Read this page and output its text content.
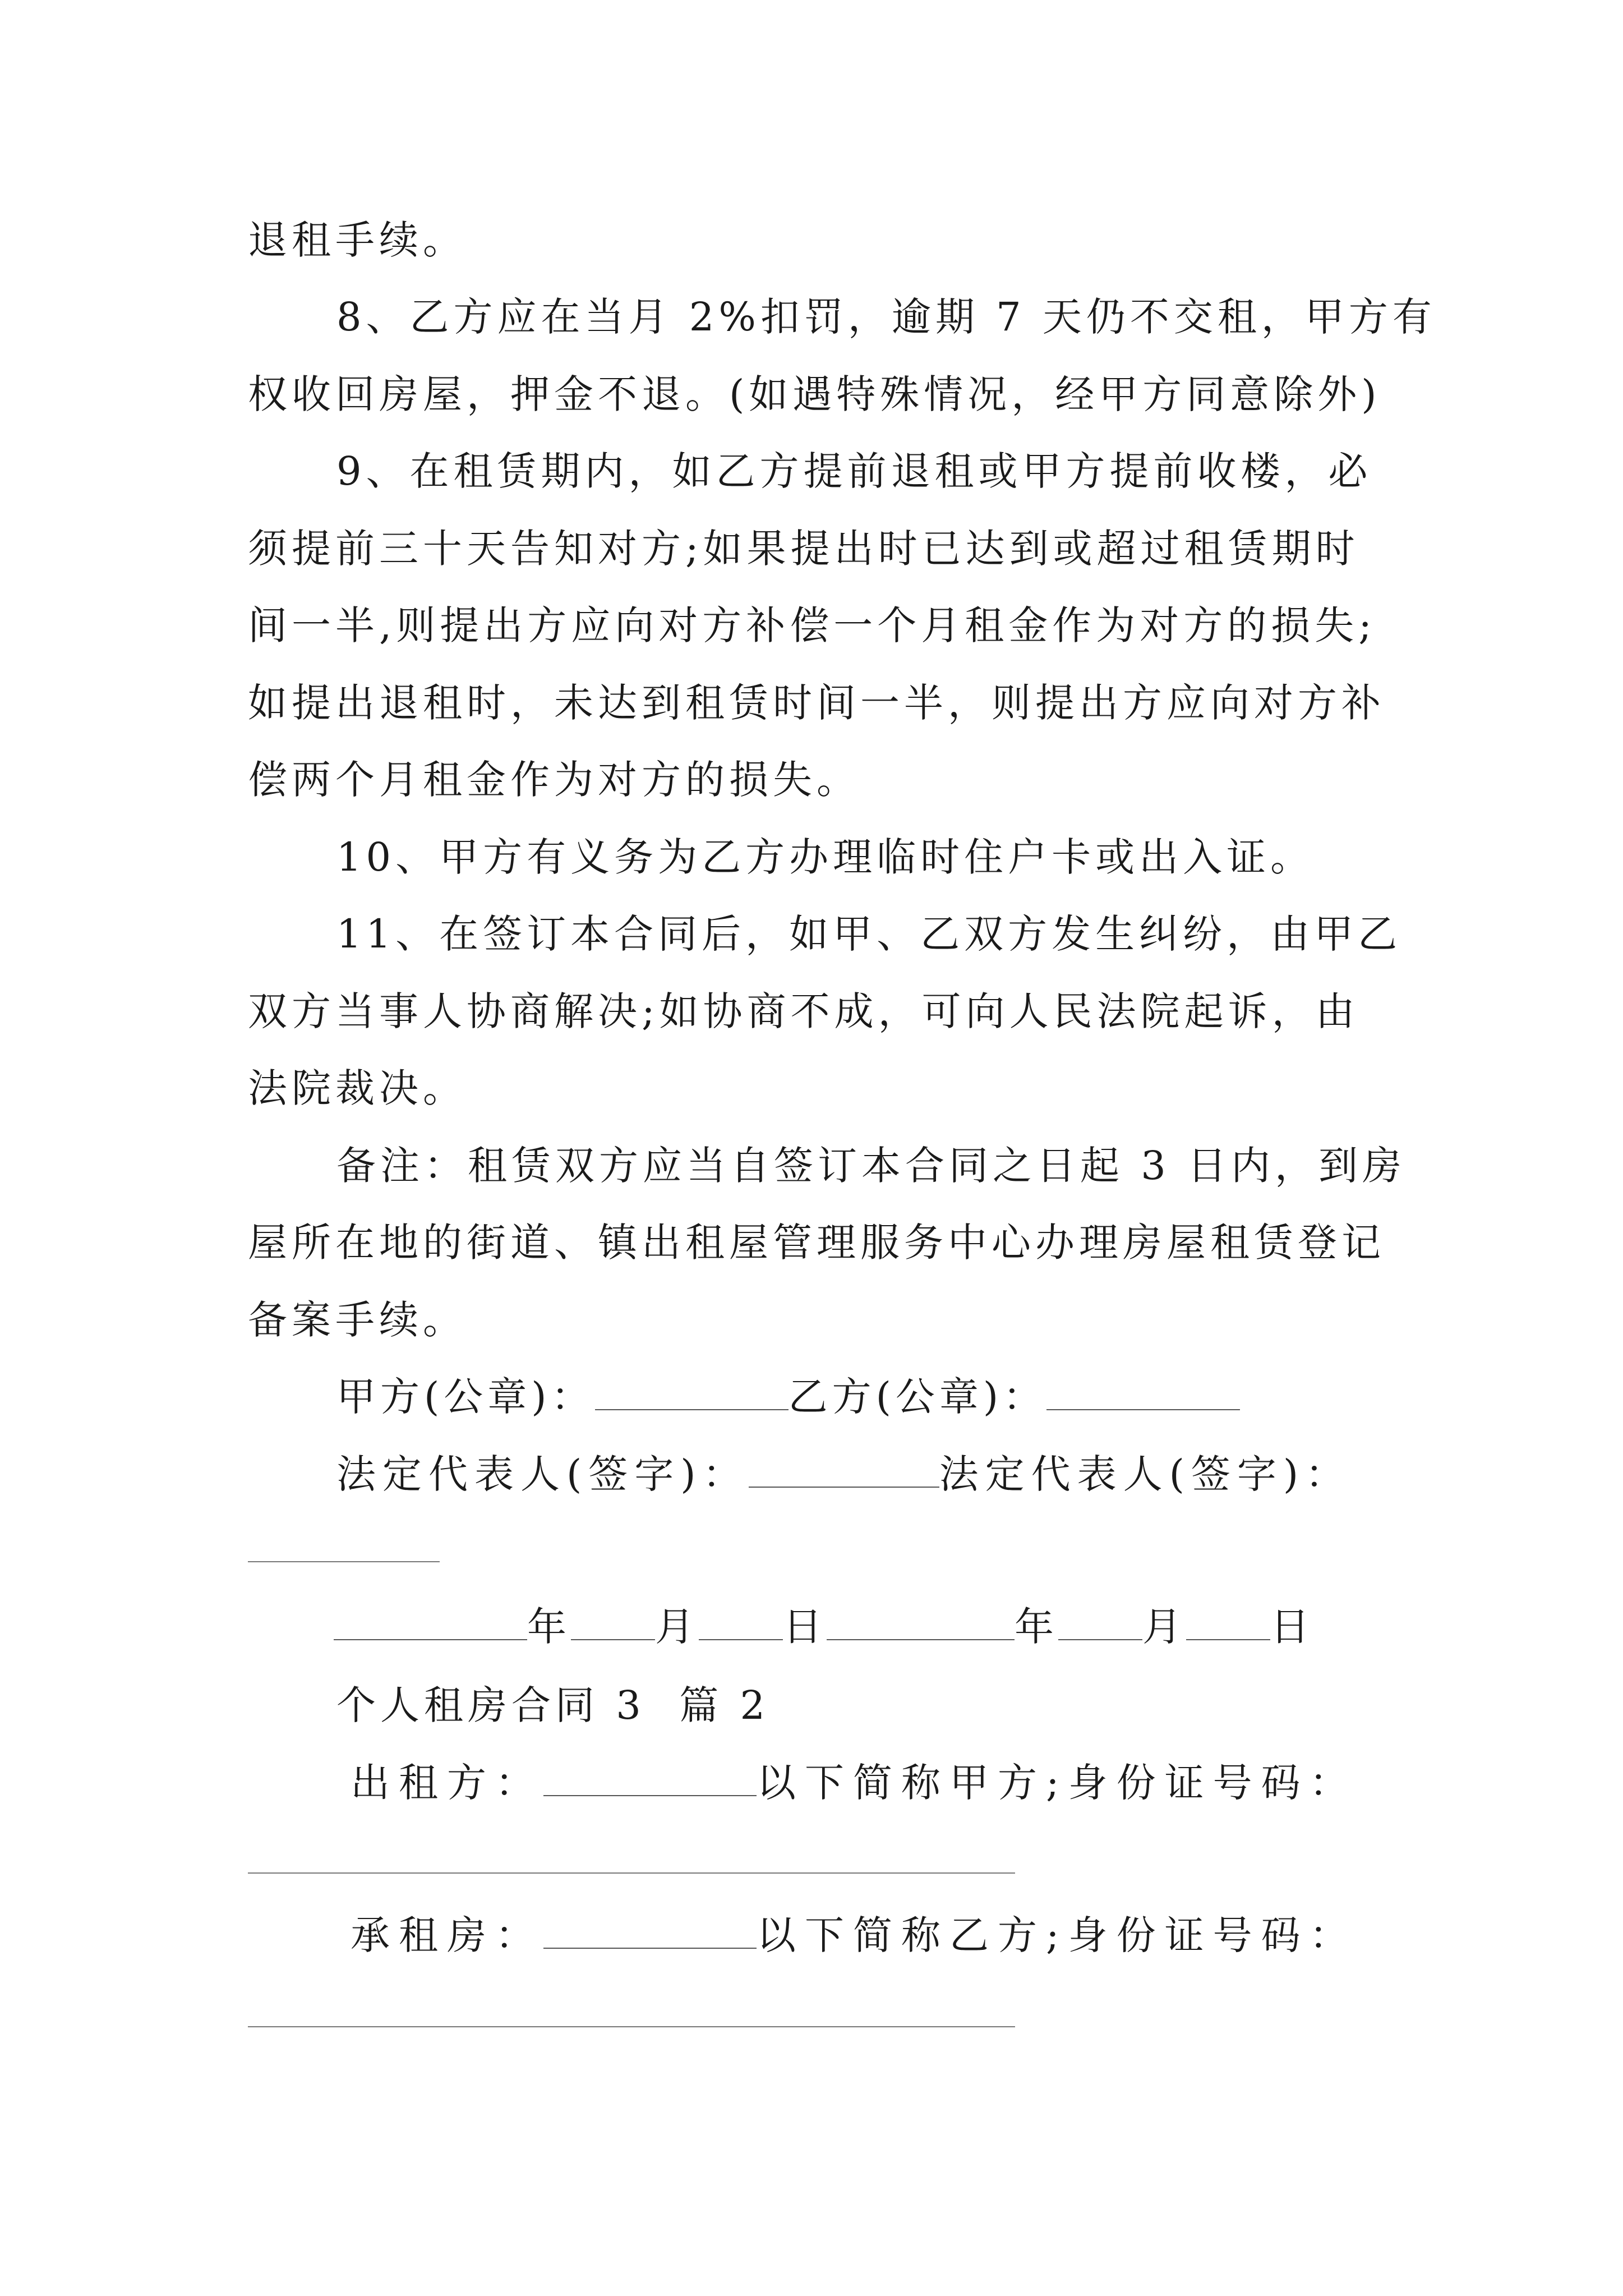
退租手续。
8、乙方应在当月 2%扣罚，逾期 7 天仍不交租，甲方有
权收回房屋，押金不退。(如遇特殊情况，经甲方同意除外)
9、在租赁期内，如乙方提前退租或甲方提前收楼，必
须提前三十天告知对方;如果提出时已达到或超过租赁期时
间一半,则提出方应向对方补偿一个月租金作为对方的损失;
如提出退租时，未达到租赁时间一半，则提出方应向对方补
偿两个月租金作为对方的损失。
10、甲方有义务为乙方办理临时住户卡或出入证。
11、在签订本合同后，如甲、乙双方发生纠纷，由甲乙
双方当事人协商解决;如协商不成，可向人民法院起诉，由
法院裁决。
备注：租赁双方应当自签订本合同之日起 3 日内，到房
屋所在地的街道、镇出租屋管理服务中心办理房屋租赁登记
备案手续。
甲方(公章)：	乙方(公章)：
法定代表人(签字)：	法定代表人(签字)：
年 月 日	年 月 日
个人租房合同 3  篇 2
出租方：	以下简称甲方;身份证号码：
承租房：	以下简称乙方;身份证号码：
